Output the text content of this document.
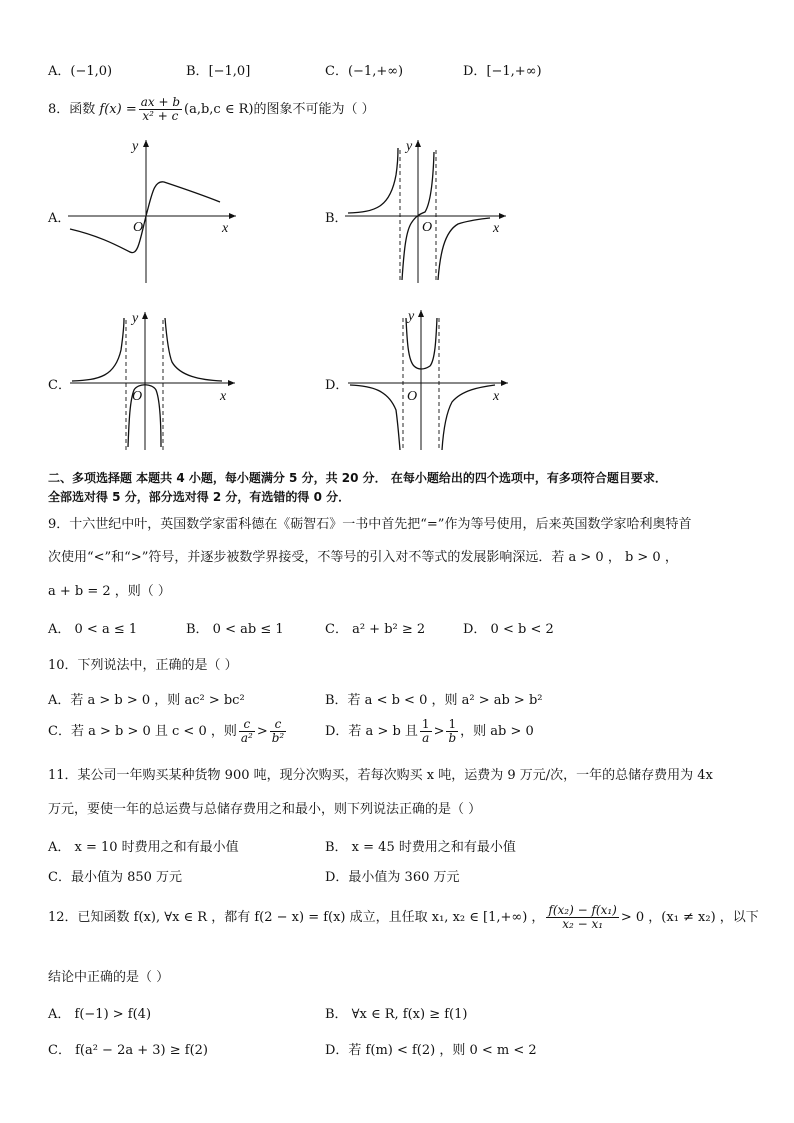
A．(−1,0)	B．[−1,0]	C．(−1,+∞)	D．[−1,+∞)
8．函数 $f(x) = \frac{ax + b}{\text{x² + c}} (a,b,c$ ∈ R)的图象不可能为（ ）
A．	B．
C．	D．
y
x
O
y
x
O
y
x
O
y
x
O
二、多项选择题 本题共 4 小题，每小题满分 5 分，共 20 分． 在每小题给出的四个选项中，有多项符合题目要求．
全部选对得 5 分，部分选对得 2 分，有选错的得 0 分．
9．十六世纪中叶，英国数学家雷科德在《砺智石》一书中首先把“=”作为等号使用，后来英国数学家哈利奥特首
次使用“<”和“>”符号，并逐步被数学界接受，不等号的引入对不等式的发展影响深远．若 a > 0 ， b > 0 ，
a + b = 2 ，则（ ）
A． 0 < a ≤ 1	B． 0 < ab ≤ 1	C． a² + b² ≥ 2	D． 0 < b < 2
10．下列说法中，正确的是（ ）
A．若 a > b > 0 ，则 ac² > bc²	B．若 a < b < 0 ，则 a² > ab > b²
C．若 a > b > 0 且 c < 0 ，则 $\frac{c}{\text{a²}} > \frac{c}{\text{b²}}$	D．若 a > b 且 $\frac{1}{a} > \frac{1}{b}$ ，则 ab > 0
11．某公司一年购买某种货物 900 吨，现分次购买，若每次购买 x 吨，运费为 9 万元/次，一年的总储存费用为 4x
万元，要使一年的总运费与总储存费用之和最小，则下列说法正确的是（ ）
A． x = 10 时费用之和有最小值	B． x = 45 时费用之和有最小值
C．最小值为 850 万元	D．最小值为 360 万元
12．已知函数 f(x), ∀x ∈ R ，都有 f(2 − x) = f(x) 成立，且任取 x₁, x₂ ∈ [1,+∞) ， $\frac{\text{f(x₂) − f(x₁)}}{\text{x₂ − x₁}} > 0$ ，(x₁ ≠ x₂) ，以下
结论中正确的是（ ）
A． f(−1) > f(4)	B． ∀x ∈ R, f(x) ≥ f(1)
C． f(a² − 2a + 3) ≥ f(2)	D．若 f(m) < f(2) ，则 0 < m < 2
